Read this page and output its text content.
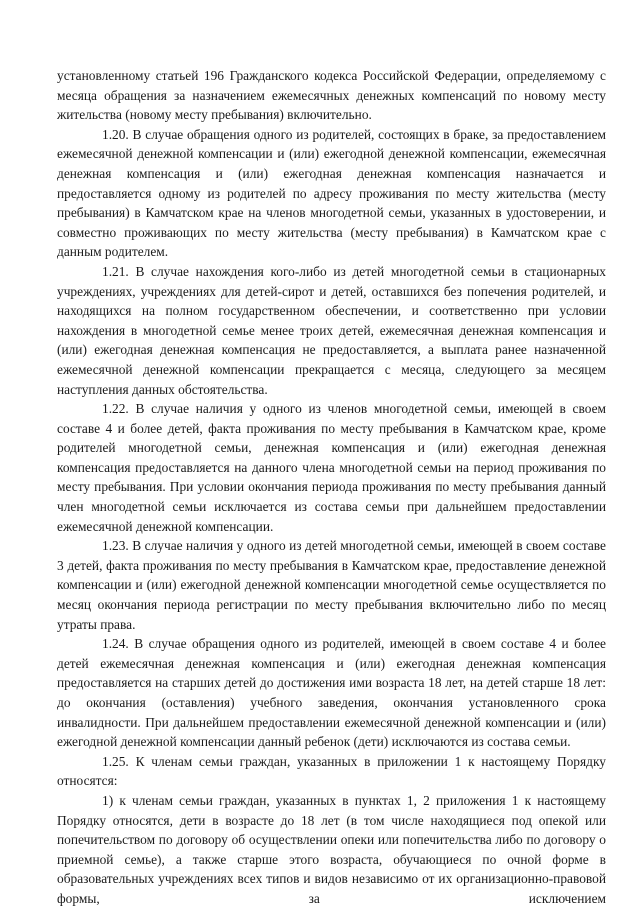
установленному статьей 196 Гражданского кодекса Российской Федерации, определяемому с месяца обращения за назначением ежемесячных денежных компенсаций по новому месту жительства (новому месту пребывания) включительно.

1.20. В случае обращения одного из родителей, состоящих в браке, за предоставлением ежемесячной денежной компенсации и (или) ежегодной денежной компенсации, ежемесячная денежная компенсация и (или) ежегодная денежная компенсация назначается и предоставляется одному из родителей по адресу проживания по месту жительства (месту пребывания) в Камчатском крае на членов многодетной семьи, указанных в удостоверении, и совместно проживающих по месту жительства (месту пребывания) в Камчатском крае с данным родителем.

1.21. В случае нахождения кого-либо из детей многодетной семьи в стационарных учреждениях, учреждениях для детей-сирот и детей, оставшихся без попечения родителей, и находящихся на полном государственном обеспечении, и соответственно при условии нахождения в многодетной семье менее троих детей, ежемесячная денежная компенсация и (или) ежегодная денежная компенсация не предоставляется, а выплата ранее назначенной ежемесячной денежной компенсации прекращается с месяца, следующего за месяцем наступления данных обстоятельства.

1.22. В случае наличия у одного из членов многодетной семьи, имеющей в своем составе 4 и более детей, факта проживания по месту пребывания в Камчатском крае, кроме родителей многодетной семьи, денежная компенсация и (или) ежегодная денежная компенсация предоставляется на данного члена многодетной семьи на период проживания по месту пребывания. При условии окончания периода проживания по месту пребывания данный член многодетной семьи исключается из состава семьи при дальнейшем предоставлении ежемесячной денежной компенсации.

1.23. В случае наличия у одного из детей многодетной семьи, имеющей в своем составе 3 детей, факта проживания по месту пребывания в Камчатском крае, предоставление денежной компенсации и (или) ежегодной денежной компенсации многодетной семье осуществляется по месяц окончания периода регистрации по месту пребывания включительно либо по месяц утраты права.

1.24. В случае обращения одного из родителей, имеющей в своем составе 4 и более детей ежемесячная денежная компенсация и (или) ежегодная денежная компенсация предоставляется на старших детей до достижения ими возраста 18 лет, на детей старше 18 лет: до окончания (оставления) учебного заведения, окончания установленного срока инвалидности. При дальнейшем предоставлении ежемесячной денежной компенсации и (или) ежегодной денежной компенсации данный ребенок (дети) исключаются из состава семьи.

1.25. К членам семьи граждан, указанных в приложении 1 к настоящему Порядку относятся:

1) к членам семьи граждан, указанных в пунктах 1, 2 приложения 1 к настоящему Порядку относятся, дети в возрасте до 18 лет (в том числе находящиеся под опекой или попечительством по договору об осуществлении опеки или попечительства либо по договору о приемной семье), а также старше этого возраста, обучающиеся по очной форме в образовательных учреждениях всех типов и видов независимо от их организационно-правовой формы, за исключением
